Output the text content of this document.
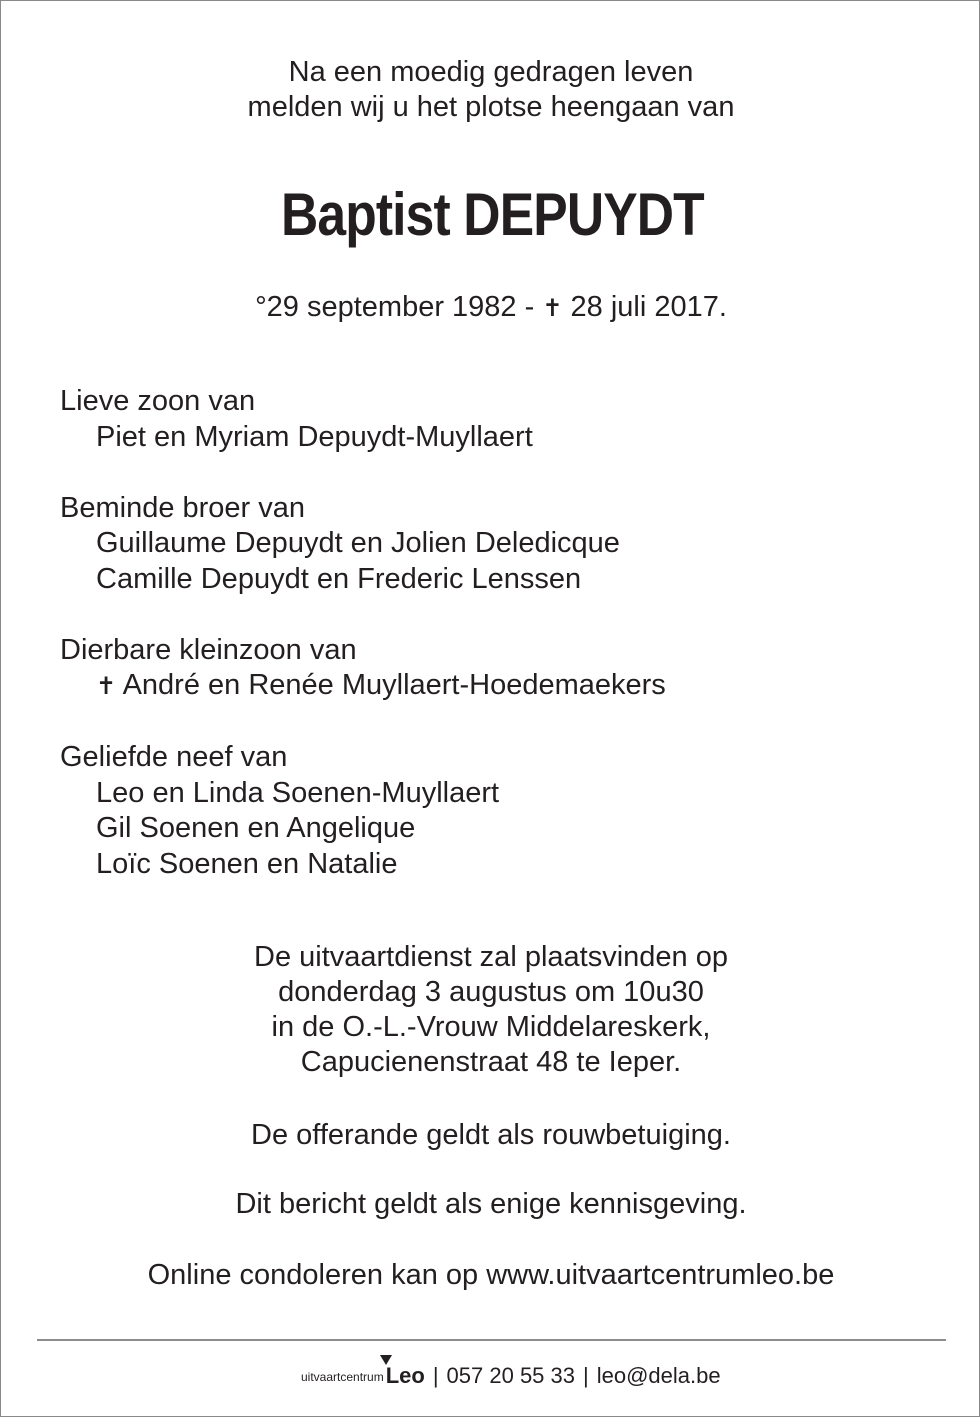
Na een moedig gedragen leven
melden wij u het plotse heengaan van
Baptist DEPUYDT
°29 september 1982 - ✝ 28 juli 2017.
Lieve zoon van
Piet en Myriam Depuydt-Muyllaert
Beminde broer van
Guillaume Depuydt en Jolien Deledicque
Camille Depuydt en Frederic Lenssen
Dierbare kleinzoon van
✝ André en Renée Muyllaert-Hoedemaekers
Geliefde neef van
Leo en Linda Soenen-Muyllaert
Gil Soenen en Angelique
Loïc Soenen en Natalie
De uitvaartdienst zal plaatsvinden op
donderdag 3 augustus om 10u30
in de O.-L.-Vrouw Middelareskerk,
Capucienenstraat 48 te Ieper.
De offerande geldt als rouwbetuiging.
Dit bericht geldt als enige kennisgeving.
Online condoleren kan op www.uitvaartcentrumleo.be
uitvaartcentrum Leo | 057 20 55 33 | leo@dela.be
